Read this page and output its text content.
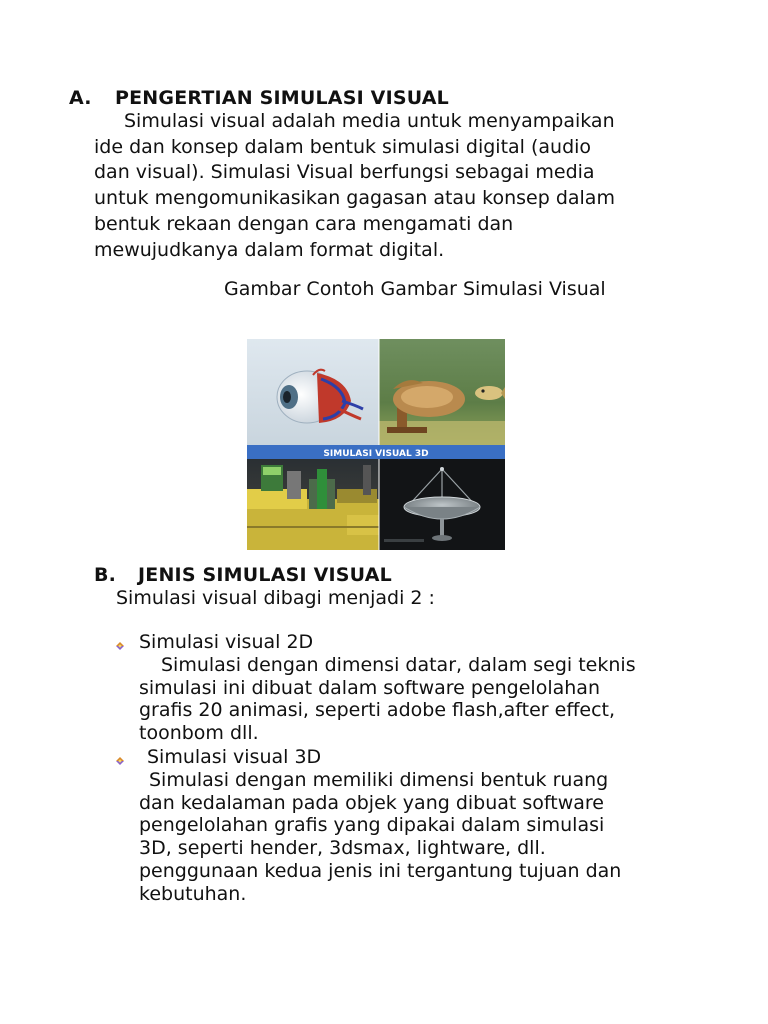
A. PENGERTIAN SIMULASI VISUAL
Simulasi visual adalah media untuk menyampaikan
ide dan konsep dalam bentuk simulasi digital (audio
dan visual). Simulasi Visual berfungsi sebagai media
untuk mengomunikasikan gagasan atau konsep dalam
bentuk rekaan dengan cara mengamati dan
mewujudkanya dalam format digital.
Gambar Contoh Gambar Simulasi Visual
SIMULASI VISUAL 3D
B. JENIS SIMULASI VISUAL
Simulasi visual dibagi menjadi 2 :
Simulasi visual 2D
Simulasi dengan dimensi datar, dalam segi teknis
simulasi ini dibuat dalam software pengelolahan
grafis 20 animasi, seperti adobe flash,after effect,
toonbom dll.
Simulasi visual 3D
Simulasi dengan memiliki dimensi bentuk ruang
dan kedalaman pada objek yang dibuat software
pengelolahan grafis yang dipakai dalam simulasi
3D, seperti hender, 3dsmax, lightware, dll.
penggunaan kedua jenis ini tergantung tujuan dan
kebutuhan.
